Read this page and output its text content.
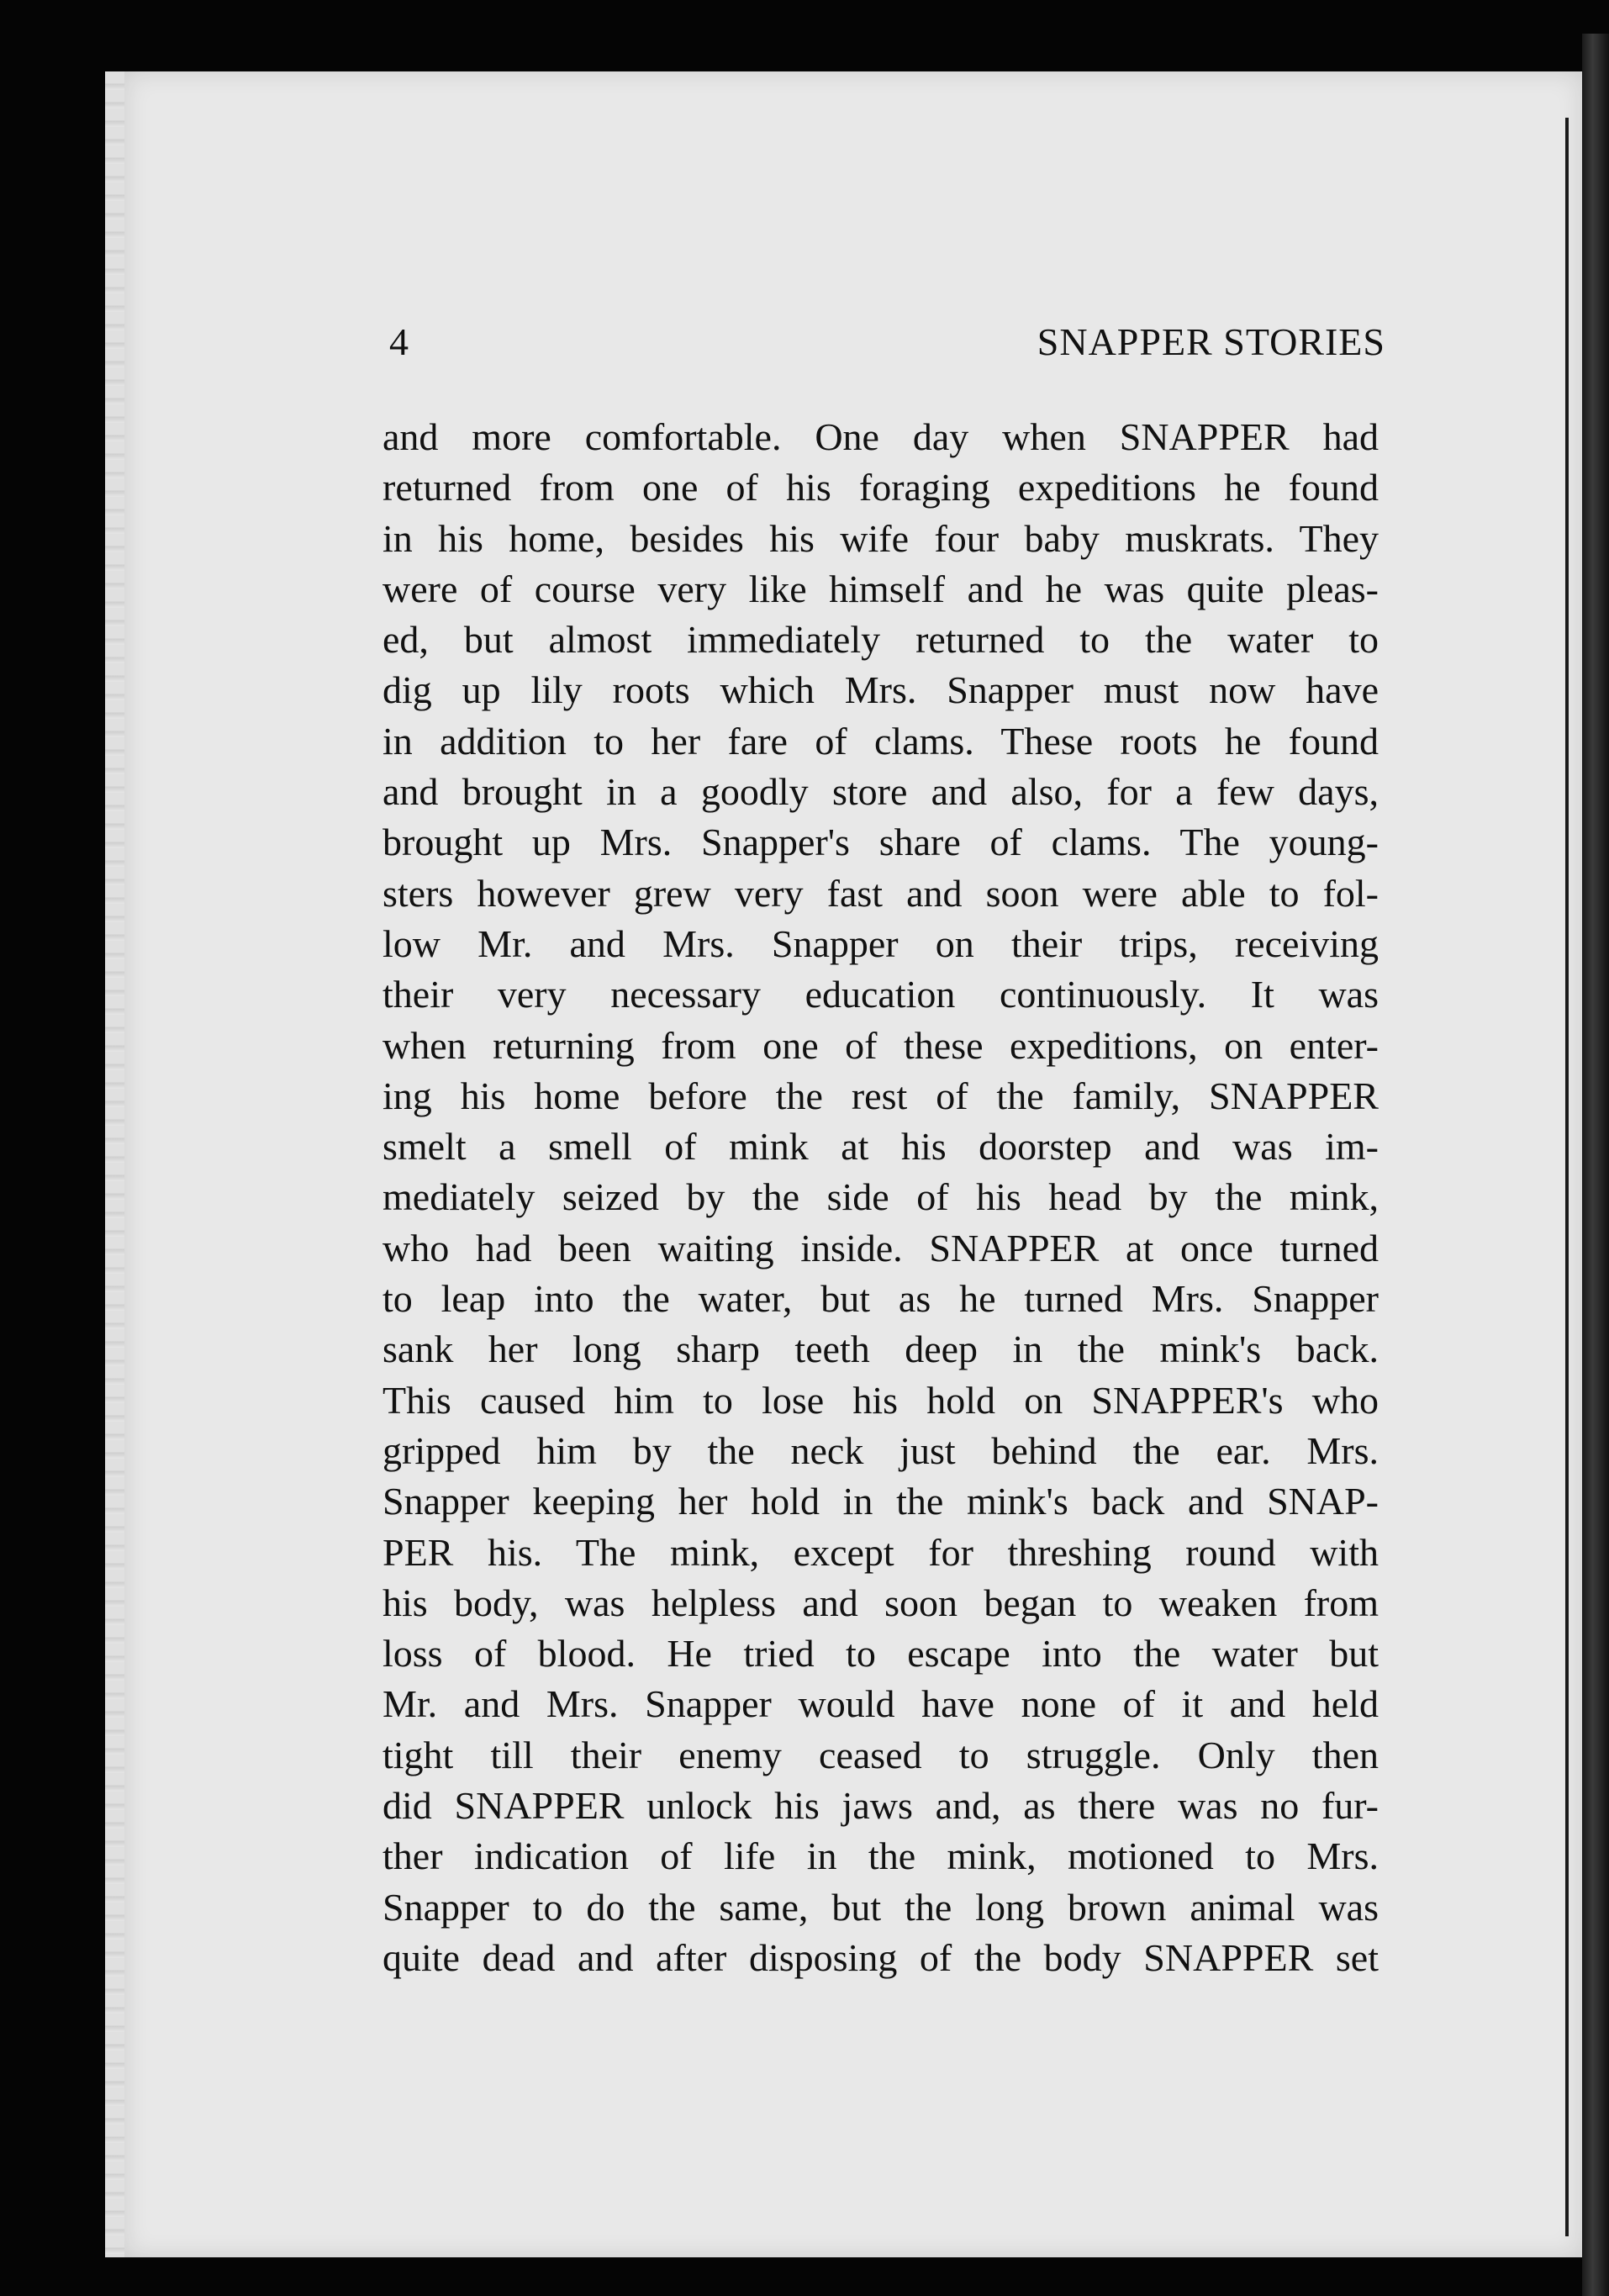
4	SNAPPER STORIES
and more comfortable. One day when SNAPPER had
returned from one of his foraging expeditions he found
in his home, besides his wife four baby muskrats. They
were of course very like himself and he was quite pleas-
ed, but almost immediately returned to the water to
dig up lily roots which Mrs. Snapper must now have
in addition to her fare of clams. These roots he found
and brought in a goodly store and also, for a few days,
brought up Mrs. Snapper's share of clams. The young-
sters however grew very fast and soon were able to fol-
low Mr. and Mrs. Snapper on their trips, receiving
their very necessary education continuously. It was
when returning from one of these expeditions, on enter-
ing his home before the rest of the family, SNAPPER
smelt a smell of mink at his doorstep and was im-
mediately seized by the side of his head by the mink,
who had been waiting inside. SNAPPER at once turned
to leap into the water, but as he turned Mrs. Snapper
sank her long sharp teeth deep in the mink's back.
This caused him to lose his hold on SNAPPER's who
gripped him by the neck just behind the ear. Mrs.
Snapper keeping her hold in the mink's back and SNAP-
PER his. The mink, except for threshing round with
his body, was helpless and soon began to weaken from
loss of blood. He tried to escape into the water but
Mr. and Mrs. Snapper would have none of it and held
tight till their enemy ceased to struggle. Only then
did SNAPPER unlock his jaws and, as there was no fur-
ther indication of life in the mink, motioned to Mrs.
Snapper to do the same, but the long brown animal was
quite dead and after disposing of the body SNAPPER set
